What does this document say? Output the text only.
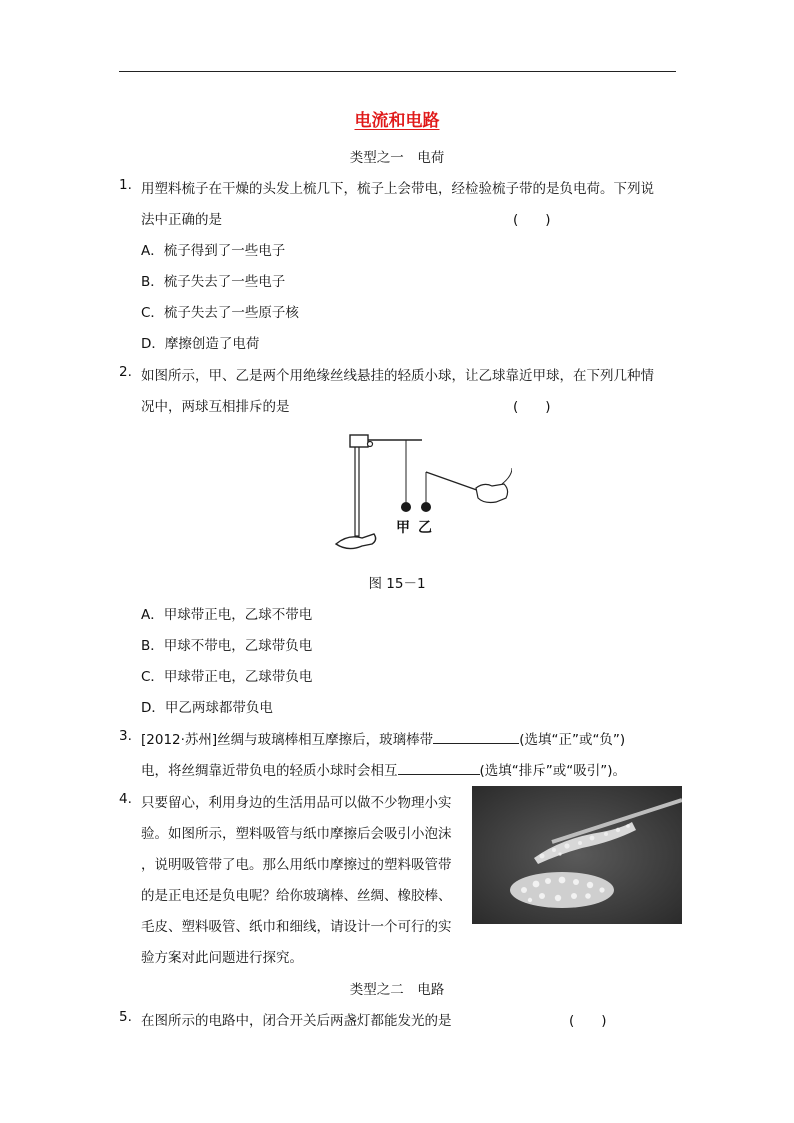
电流和电路
类型之一　电荷
1. 用塑料梳子在干燥的头发上梳几下，梳子上会带电，经检验梳子带的是负电荷。下列说
法中正确的是	(　　)
A．梳子得到了一些电子
B．梳子失去了一些电子
C．梳子失去了一些原子核
D．摩擦创造了电荷
2. 如图所示，甲、乙是两个用绝缘丝线悬挂的轻质小球，让乙球靠近甲球，在下列几种情
况中，两球互相排斥的是	(　　)
甲 乙
图 15－1
A．甲球带正电，乙球不带电
B．甲球不带电，乙球带负电
C．甲球带正电，乙球带负电
D．甲乙两球都带负电
3. [2012·苏州]丝绸与玻璃棒相互摩擦后，玻璃棒带	(选填“正”或“负”)
电，将丝绸靠近带负电的轻质小球时会相互	(选填“排斥”或“吸引”)。
4. 只要留心，利用身边的生活用品可以做不少物理小实
验。如图所示，塑料吸管与纸巾摩擦后会吸引小泡沫
，说明吸管带了电。那么用纸巾摩擦过的塑料吸管带
的是正电还是负电呢？给你玻璃棒、丝绸、橡胶棒、
毛皮、塑料吸管、纸巾和细线，请设计一个可行的实
验方案对此问题进行探究。
类型之二　电路
5. 在图所示的电路中，闭合开关后两盏灯都能发光的是	(　　)
